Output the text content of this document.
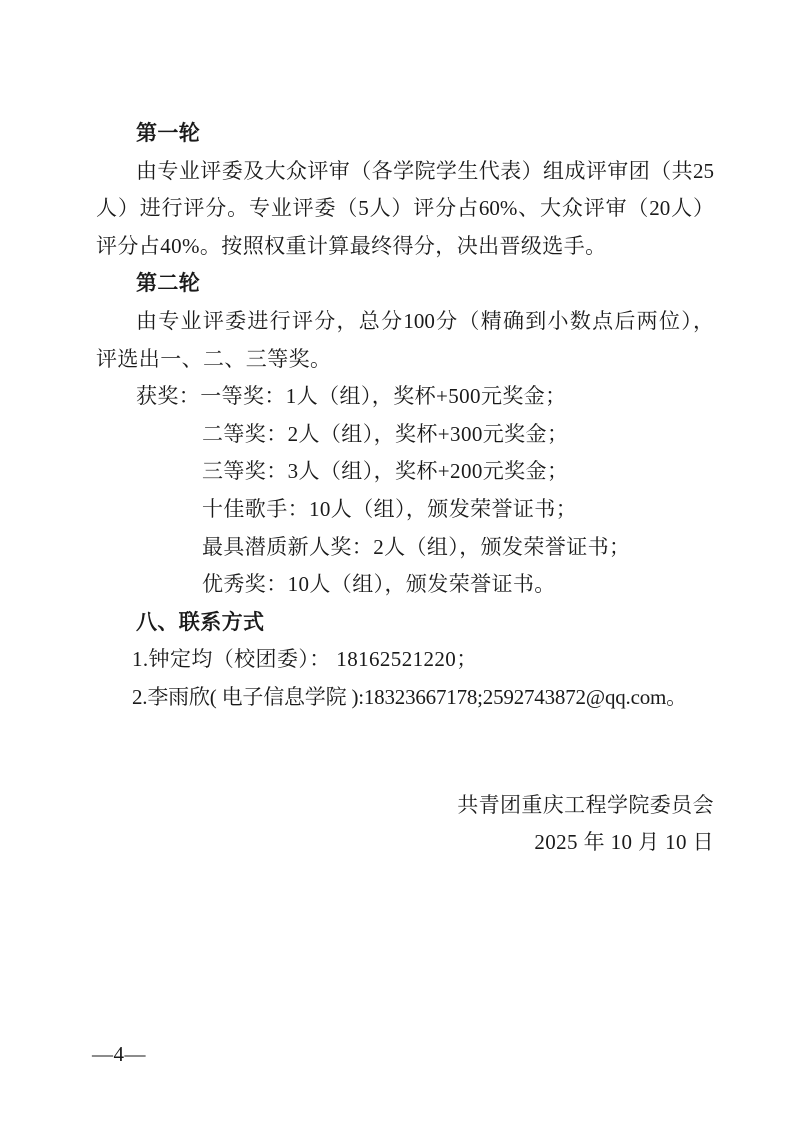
第一轮
由专业评委及大众评审（各学院学生代表）组成评审团（共25
人）进行评分。专业评委（5人）评分占60%、大众评审（20人）
评分占40%。按照权重计算最终得分，决出晋级选手。
第二轮
由专业评委进行评分，总分100分（精确到小数点后两位），
评选出一、二、三等奖。
获奖：一等奖：1人（组），奖杯+500元奖金；
二等奖：2人（组），奖杯+300元奖金；
三等奖：3人（组），奖杯+200元奖金；
十佳歌手：10人（组），颁发荣誉证书；
最具潜质新人奖：2人（组），颁发荣誉证书；
优秀奖：10人（组），颁发荣誉证书。
八、联系方式
1.钟定均（校团委）： 18162521220；
2.李雨欣( 电子信息学院 ):18323667178;2592743872@qq.com。
共青团重庆工程学院委员会
2025 年 10 月 10 日
—4—
